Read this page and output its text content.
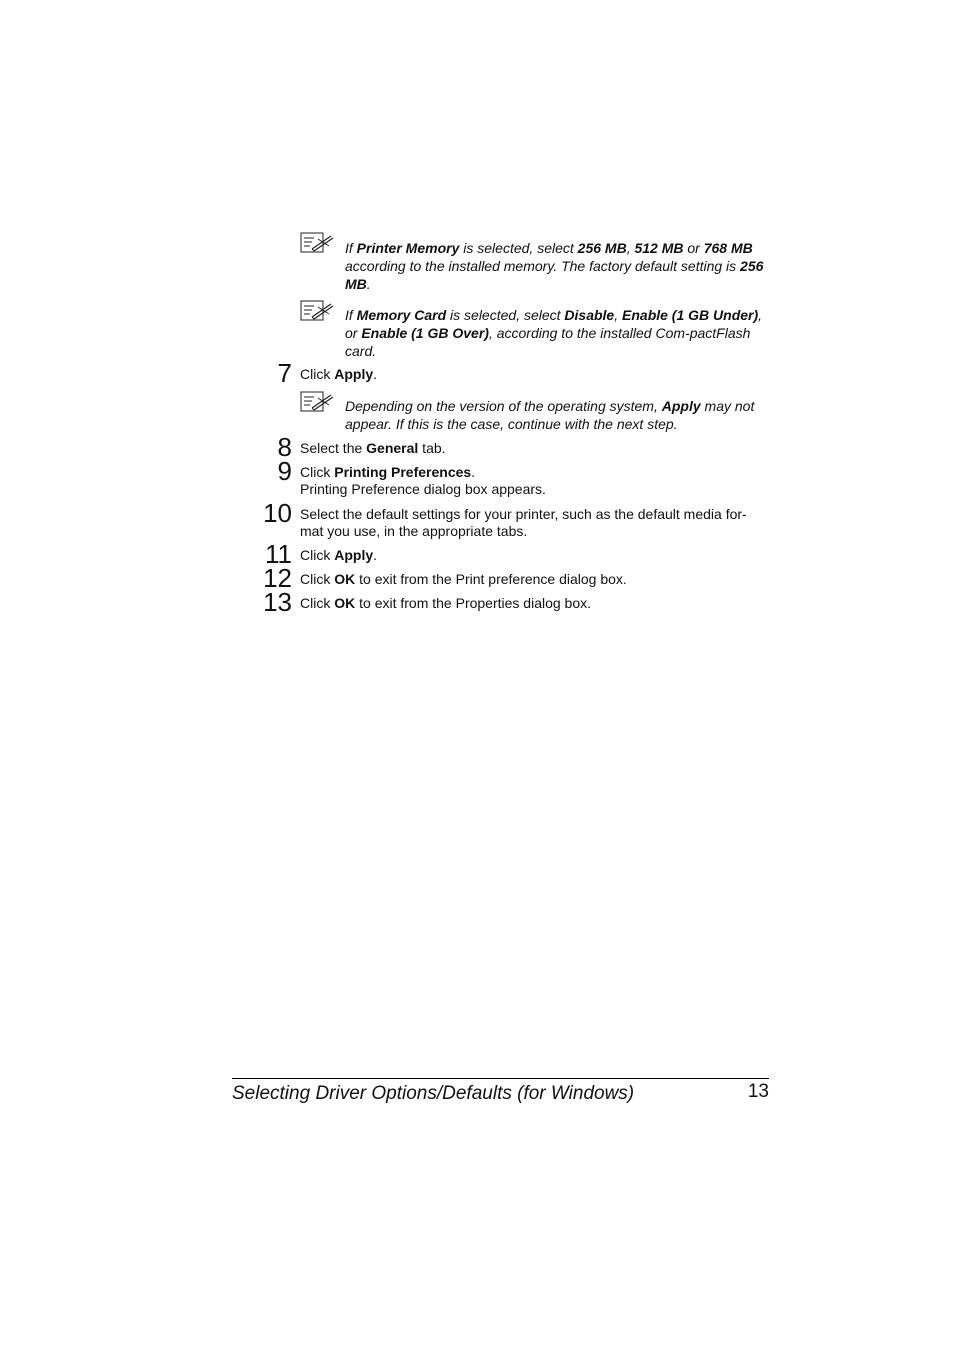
If Printer Memory is selected, select 256 MB, 512 MB or 768 MB according to the installed memory. The factory default setting is 256 MB.
If Memory Card is selected, select Disable, Enable (1 GB Under), or Enable (1 GB Over), according to the installed Com-pactFlash card.
7 Click Apply.
Depending on the version of the operating system, Apply may not appear. If this is the case, continue with the next step.
8 Select the General tab.
9 Click Printing Preferences.
Printing Preference dialog box appears.
10 Select the default settings for your printer, such as the default media for-mat you use, in the appropriate tabs.
11 Click Apply.
12 Click OK to exit from the Print preference dialog box.
13 Click OK to exit from the Properties dialog box.
Selecting Driver Options/Defaults (for Windows)	13
